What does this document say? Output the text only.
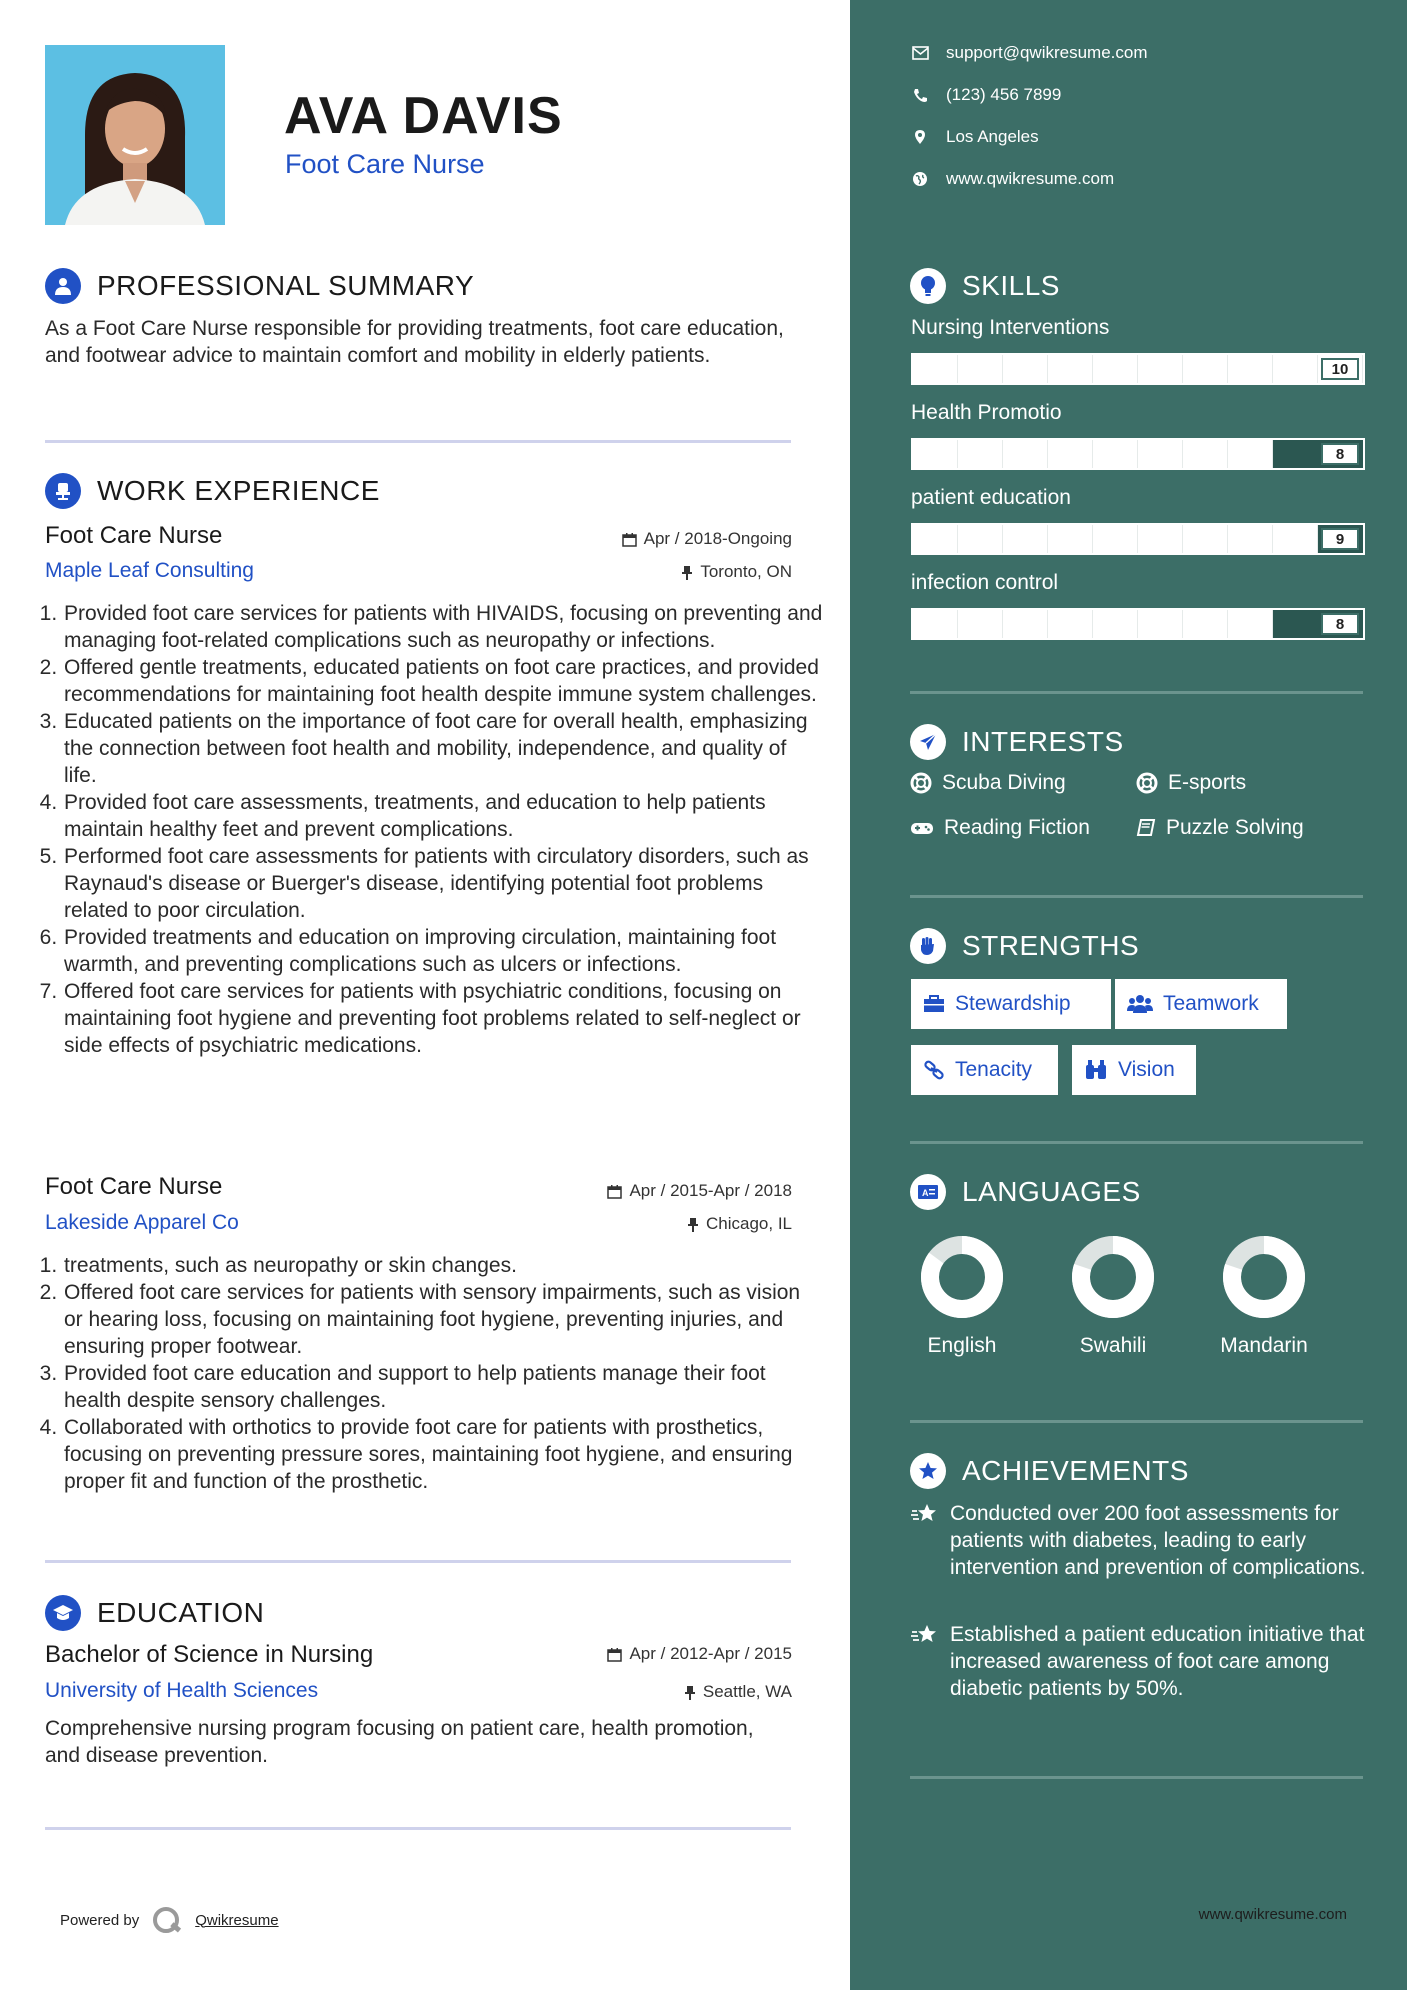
AVA DAVIS
Foot Care Nurse
PROFESSIONAL SUMMARY
As a Foot Care Nurse responsible for providing treatments, foot care education, and footwear advice to maintain comfort and mobility in elderly patients.
WORK EXPERIENCE
Foot Care Nurse	Apr / 2018-Ongoing
Maple Leaf Consulting	Toronto, ON
1. Provided foot care services for patients with HIVAIDS, focusing on preventing and managing foot-related complications such as neuropathy or infections.
2. Offered gentle treatments, educated patients on foot care practices, and provided recommendations for maintaining foot health despite immune system challenges.
3. Educated patients on the importance of foot care for overall health, emphasizing the connection between foot health and mobility, independence, and quality of life.
4. Provided foot care assessments, treatments, and education to help patients maintain healthy feet and prevent complications.
5. Performed foot care assessments for patients with circulatory disorders, such as Raynaud's disease or Buerger's disease, identifying potential foot problems related to poor circulation.
6. Provided treatments and education on improving circulation, maintaining foot warmth, and preventing complications such as ulcers or infections.
7. Offered foot care services for patients with psychiatric conditions, focusing on maintaining foot hygiene and preventing foot problems related to self-neglect or side effects of psychiatric medications.
Foot Care Nurse	Apr / 2015-Apr / 2018
Lakeside Apparel Co	Chicago, IL
1. treatments, such as neuropathy or skin changes.
2. Offered foot care services for patients with sensory impairments, such as vision or hearing loss, focusing on maintaining foot hygiene, preventing injuries, and ensuring proper footwear.
3. Provided foot care education and support to help patients manage their foot health despite sensory challenges.
4. Collaborated with orthotics to provide foot care for patients with prosthetics, focusing on preventing pressure sores, maintaining foot hygiene, and ensuring proper fit and function of the prosthetic.
EDUCATION
Bachelor of Science in Nursing	Apr / 2012-Apr / 2015
University of Health Sciences	Seattle, WA
Comprehensive nursing program focusing on patient care, health promotion, and disease prevention.
Powered by	Qwikresume
support@qwikresume.com
(123) 456 7899
Los Angeles
www.qwikresume.com
SKILLS
Nursing Interventions
10
Health Promotio
8
patient education
9
infection control
8
INTERESTS
Scuba Diving	E-sports
Reading Fiction	Puzzle Solving
STRENGTHS
Stewardship	Teamwork
Tenacity	Vision
A LANGUAGES
English	Swahili	Mandarin
ACHIEVEMENTS
Conducted over 200 foot assessments for patients with diabetes, leading to early intervention and prevention of complications.
Established a patient education initiative that increased awareness of foot care among diabetic patients by 50%.
www.qwikresume.com
